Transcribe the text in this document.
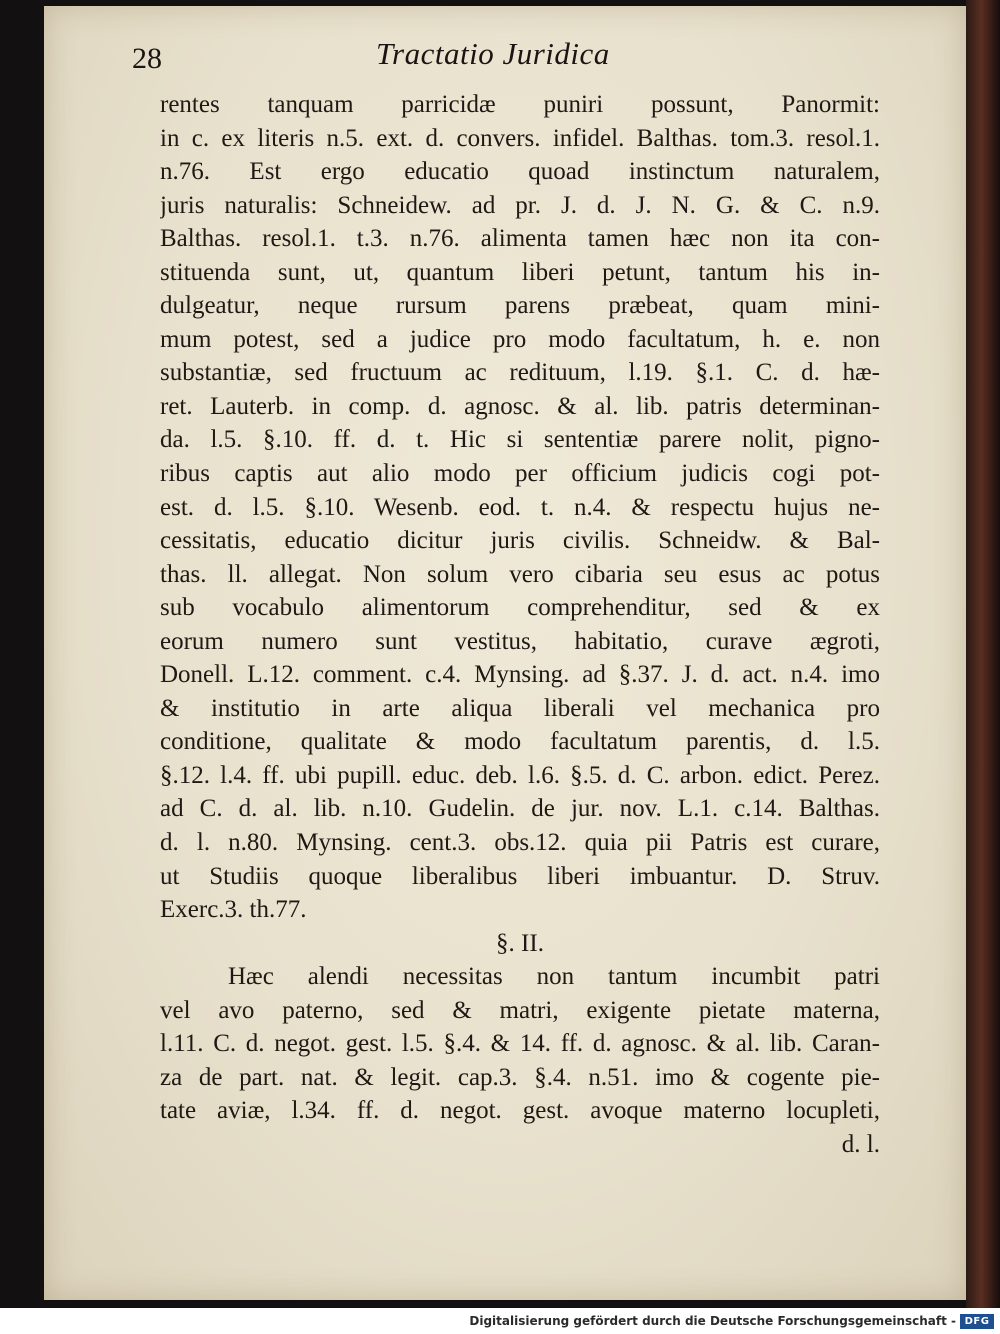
28	Tractatio Juridica
rentes tanquam parricidæ puniri possunt, Panormit:
in c. ex literis n.5. ext. d. convers. infidel. Balthas. tom.3. resol.1.
n.76. Est ergo educatio quoad instinctum naturalem,
juris naturalis: Schneidew. ad pr. J. d. J. N. G. & C. n.9.
Balthas. resol.1. t.3. n.76. alimenta tamen hæc non ita con-
stituenda sunt, ut, quantum liberi petunt, tantum his in-
dulgeatur, neque rursum parens præbeat, quam mini-
mum potest, sed a judice pro modo facultatum, h. e. non
substantiæ, sed fructuum ac redituum, l.19. §.1. C. d. hæ-
ret. Lauterb. in comp. d. agnosc. & al. lib. patris determinan-
da. l.5. §.10. ff. d. t. Hic si sententiæ parere nolit, pigno-
ribus captis aut alio modo per officium judicis cogi pot-
est. d. l.5. §.10. Wesenb. eod. t. n.4. & respectu hujus ne-
cessitatis, educatio dicitur juris civilis. Schneidw. & Bal-
thas. ll. allegat. Non solum vero cibaria seu esus ac potus
sub vocabulo alimentorum comprehenditur, sed & ex
eorum numero sunt vestitus, habitatio, curave ægroti,
Donell. L.12. comment. c.4. Mynsing. ad §.37. J. d. act. n.4. imo
& institutio in arte aliqua liberali vel mechanica pro
conditione, qualitate & modo facultatum parentis, d. l.5.
§.12. l.4. ff. ubi pupill. educ. deb. l.6. §.5. d. C. arbon. edict. Perez.
ad C. d. al. lib. n.10. Gudelin. de jur. nov. L.1. c.14. Balthas.
d. l. n.80. Mynsing. cent.3. obs.12. quia pii Patris est curare,
ut Studiis quoque liberalibus liberi imbuantur. D. Struv.
Exerc.3. th.77.
§. II.
Hæc alendi necessitas non tantum incumbit patri
vel avo paterno, sed & matri, exigente pietate materna,
l.11. C. d. negot. gest. l.5. §.4. & 14. ff. d. agnosc. & al. lib. Caran-
za de part. nat. & legit. cap.3. §.4. n.51. imo & cogente pie-
tate aviæ, l.34. ff. d. negot. gest. avoque materno locupleti,
d. l.
Digitalisierung gefördert durch die Deutsche Forschungsgemeinschaft - DFG
